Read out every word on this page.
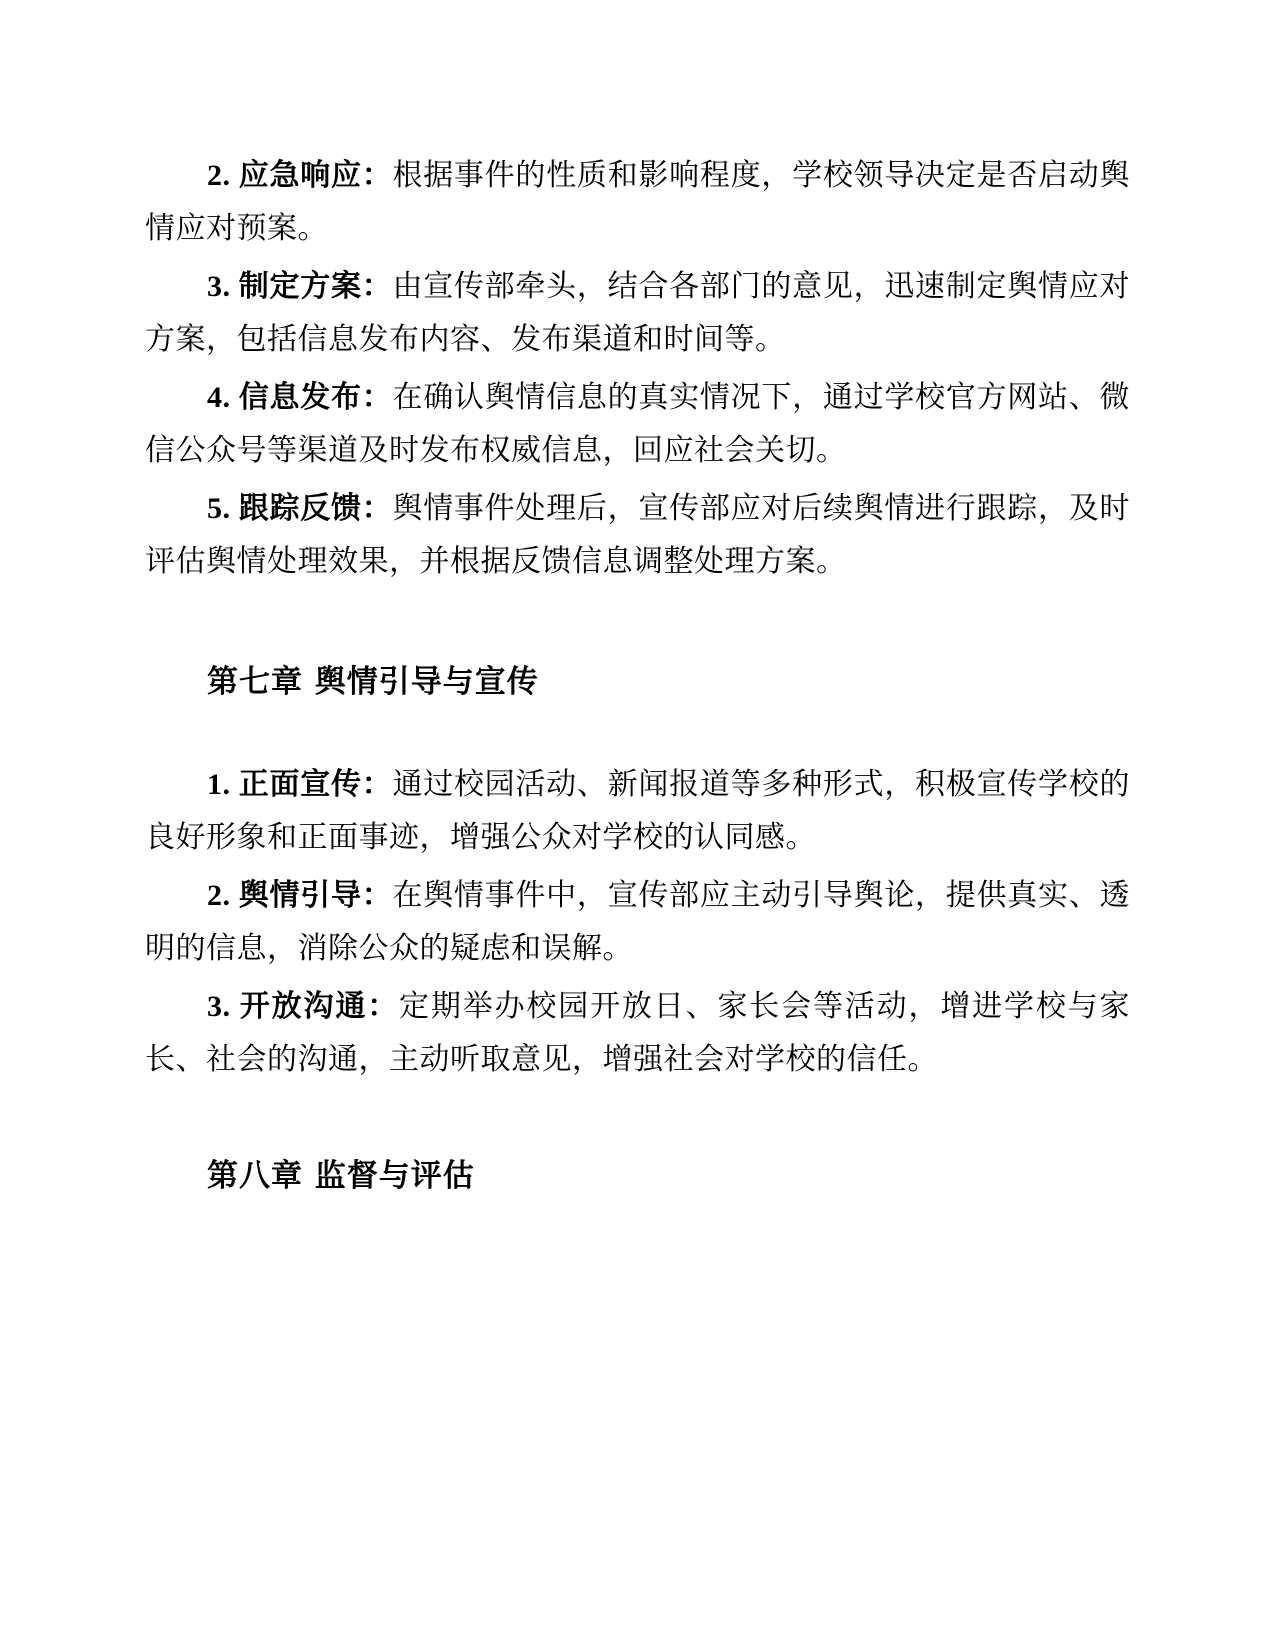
2. 应急响应：根据事件的性质和影响程度，学校领导决定是否启动舆情应对预案。

3. 制定方案：由宣传部牵头，结合各部门的意见，迅速制定舆情应对方案，包括信息发布内容、发布渠道和时间等。

4. 信息发布：在确认舆情信息的真实情况下，通过学校官方网站、微信公众号等渠道及时发布权威信息，回应社会关切。

5. 跟踪反馈：舆情事件处理后，宣传部应对后续舆情进行跟踪，及时评估舆情处理效果，并根据反馈信息调整处理方案。

第七章 舆情引导与宣传

1. 正面宣传：通过校园活动、新闻报道等多种形式，积极宣传学校的良好形象和正面事迹，增强公众对学校的认同感。

2. 舆情引导：在舆情事件中，宣传部应主动引导舆论，提供真实、透明的信息，消除公众的疑虑和误解。

3. 开放沟通：定期举办校园开放日、家长会等活动，增进学校与家长、社会的沟通，主动听取意见，增强社会对学校的信任。

第八章 监督与评估
